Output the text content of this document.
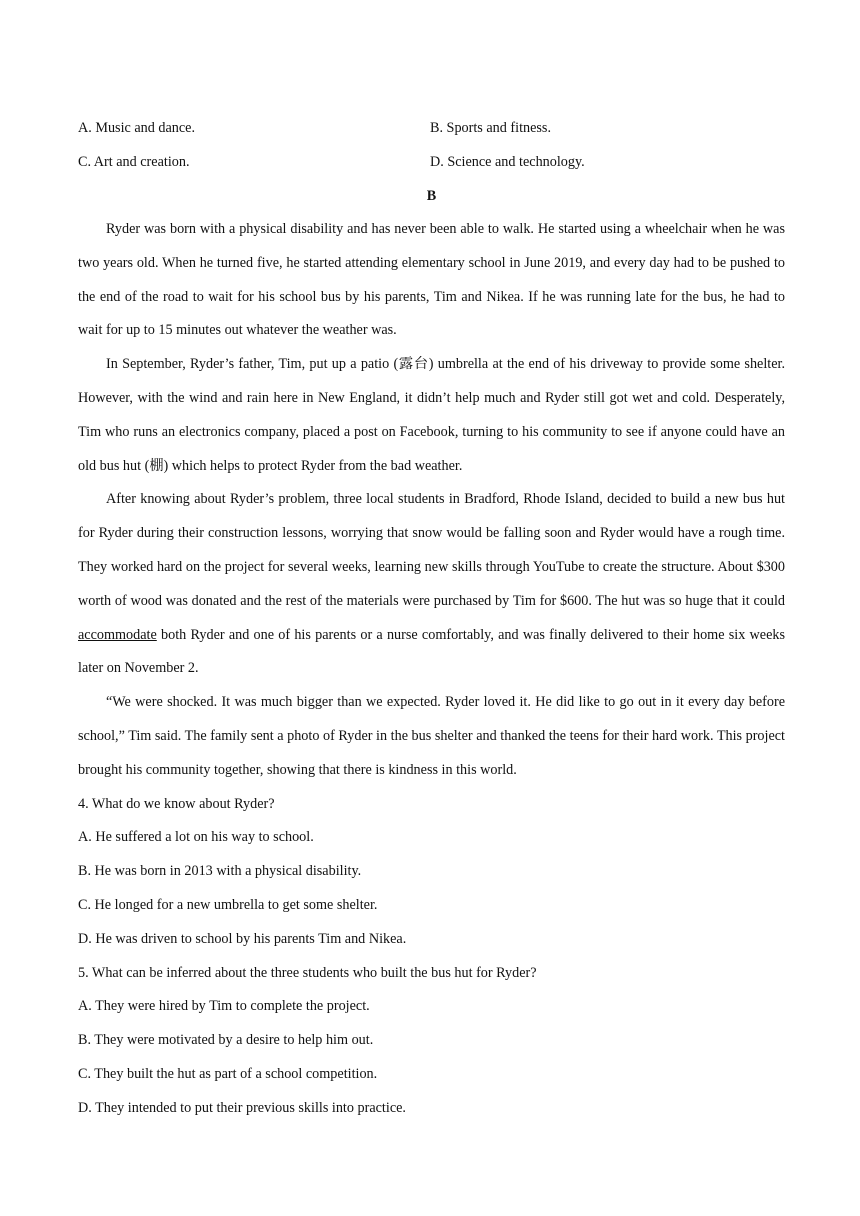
A. Music and dance.	B. Sports and fitness.
C. Art and creation.	D. Science and technology.
B

Ryder was born with a physical disability and has never been able to walk. He started using a wheelchair when he was two years old. When he turned five, he started attending elementary school in June 2019, and every day had to be pushed to the end of the road to wait for his school bus by his parents, Tim and Nikea. If he was running late for the bus, he had to wait for up to 15 minutes out whatever the weather was.

In September, Ryder’s father, Tim, put up a patio (露台) umbrella at the end of his driveway to provide some shelter. However, with the wind and rain here in New England, it didn’t help much and Ryder still got wet and cold. Desperately, Tim who runs an electronics company, placed a post on Facebook, turning to his community to see if anyone could have an old bus hut (棚) which helps to protect Ryder from the bad weather.

After knowing about Ryder’s problem, three local students in Bradford, Rhode Island, decided to build a new bus hut for Ryder during their construction lessons, worrying that snow would be falling soon and Ryder would have a rough time. They worked hard on the project for several weeks, learning new skills through YouTube to create the structure. About $300 worth of wood was donated and the rest of the materials were purchased by Tim for $600. The hut was so huge that it could accommodate both Ryder and one of his parents or a nurse comfortably, and was finally delivered to their home six weeks later on November 2.

“We were shocked. It was much bigger than we expected. Ryder loved it. He did like to go out in it every day before school,” Tim said. The family sent a photo of Ryder in the bus shelter and thanked the teens for their hard work. This project brought his community together, showing that there is kindness in this world.

4. What do we know about Ryder?

A. He suffered a lot on his way to school.

B. He was born in 2013 with a physical disability.

C. He longed for a new umbrella to get some shelter.

D. He was driven to school by his parents Tim and Nikea.

5. What can be inferred about the three students who built the bus hut for Ryder?

A. They were hired by Tim to complete the project.

B. They were motivated by a desire to help him out.

C. They built the hut as part of a school competition.

D. They intended to put their previous skills into practice.
